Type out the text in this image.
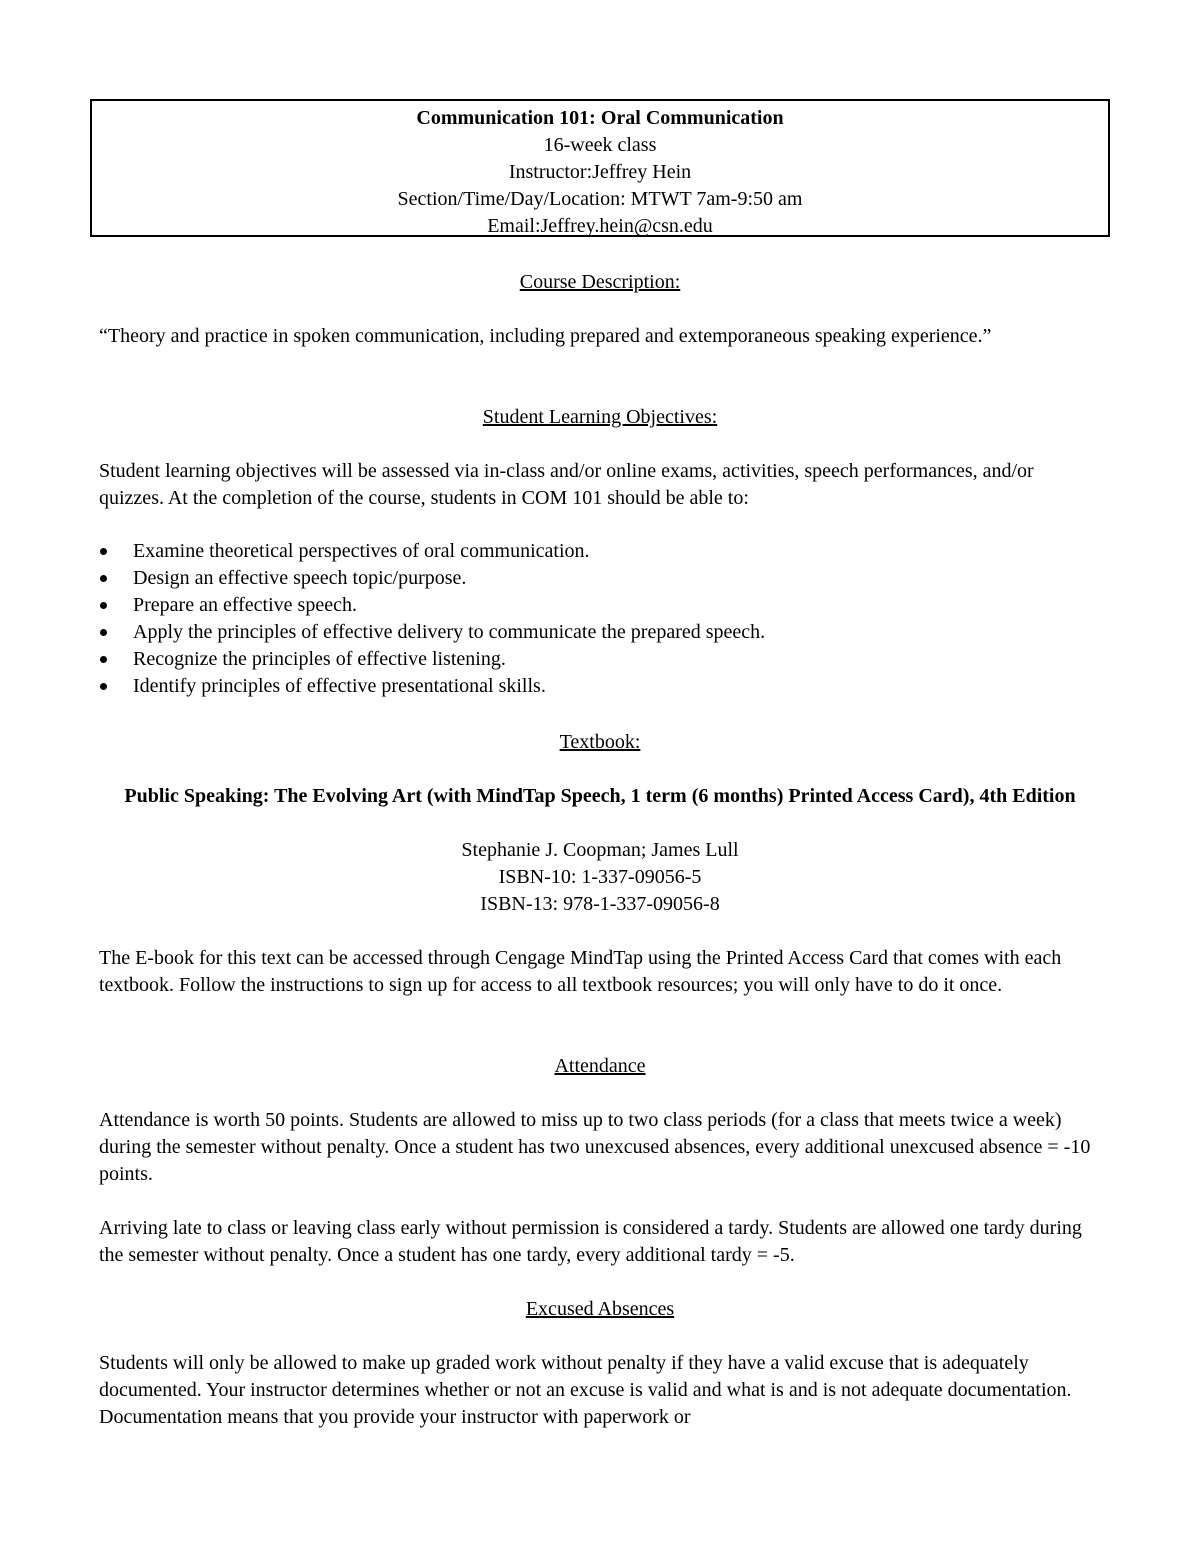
Communication 101: Oral Communication
16-week class
Instructor:Jeffrey Hein
Section/Time/Day/Location: MTWT 7am-9:50 am
Email:Jeffrey.hein@csn.edu
Course Description:
“Theory and practice in spoken communication, including prepared and extemporaneous speaking experience.”
Student Learning Objectives:
Student learning objectives will be assessed via in-class and/or online exams, activities, speech performances, and/or quizzes. At the completion of the course, students in COM 101 should be able to:
Examine theoretical perspectives of oral communication.
Design an effective speech topic/purpose.
Prepare an effective speech.
Apply the principles of effective delivery to communicate the prepared speech.
Recognize the principles of effective listening.
Identify principles of effective presentational skills.
Textbook:
Public Speaking: The Evolving Art (with MindTap Speech, 1 term (6 months) Printed Access Card), 4th Edition
Stephanie J. Coopman; James Lull
ISBN-10: 1-337-09056-5
ISBN-13: 978-1-337-09056-8
The E-book for this text can be accessed through Cengage MindTap using the Printed Access Card that comes with each textbook. Follow the instructions to sign up for access to all textbook resources; you will only have to do it once.
Attendance
Attendance is worth 50 points. Students are allowed to miss up to two class periods (for a class that meets twice a week) during the semester without penalty. Once a student has two unexcused absences, every additional unexcused absence = -10 points.
Arriving late to class or leaving class early without permission is considered a tardy. Students are allowed one tardy during the semester without penalty. Once a student has one tardy, every additional tardy = -5.
Excused Absences
Students will only be allowed to make up graded work without penalty if they have a valid excuse that is adequately documented. Your instructor determines whether or not an excuse is valid and what is and is not adequate documentation. Documentation means that you provide your instructor with paperwork or
